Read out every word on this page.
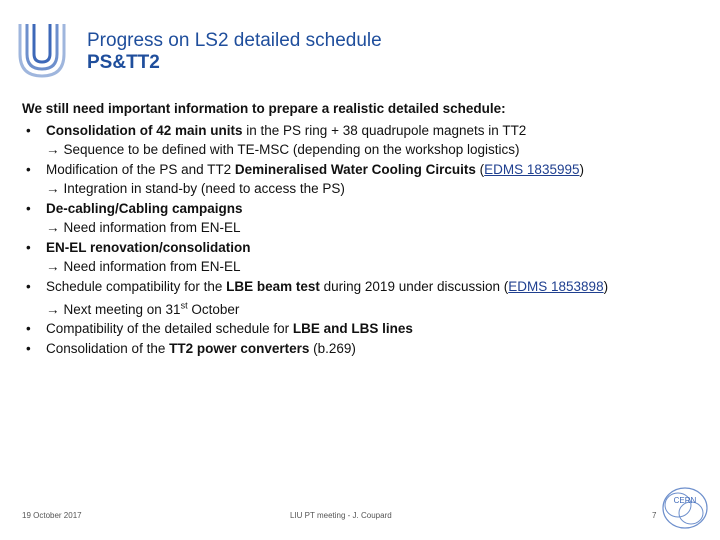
Progress on LS2 detailed schedule
PS&TT2
We still need important information to prepare a realistic detailed schedule:
• Consolidation of 42 main units in the PS ring + 38 quadrupole magnets in TT2
→ Sequence to be defined with TE-MSC (depending on the workshop logistics)
• Modification of the PS and TT2 Demineralised Water Cooling Circuits (EDMS 1835995)
→ Integration in stand-by (need to access the PS)
• De-cabling/Cabling campaigns
→ Need information from EN-EL
• EN-EL renovation/consolidation
→ Need information from EN-EL
• Schedule compatibility for the LBE beam test during 2019 under discussion (EDMS 1853898)
→ Next meeting on 31st October
• Compatibility of the detailed schedule for LBE and LBS lines
• Consolidation of the TT2 power converters (b.269)
19 October 2017	LIU PT meeting - J. Coupard	7
CERN
